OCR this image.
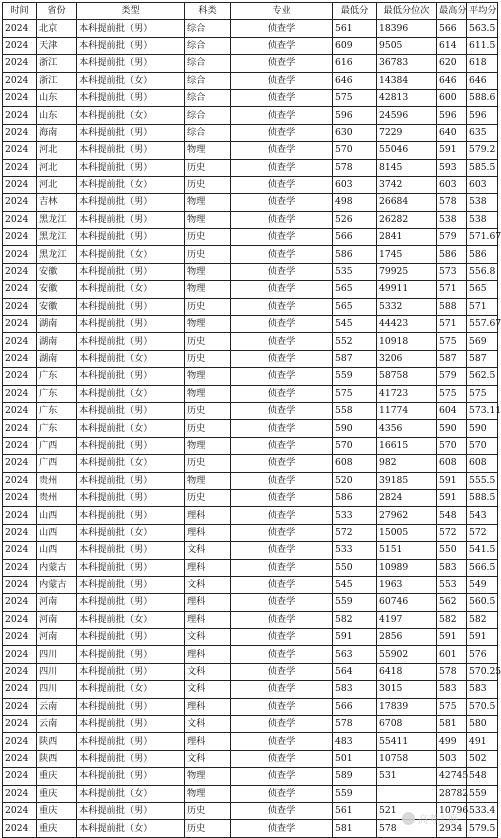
时间	省份	类型	科类	专业	最低分	最低分位次	最高分	平均分
2024	北京	本科提前批（男）	综合	侦查学	561	18396	566	563.5
2024	天津	本科提前批（男）	综合	侦查学	609	9505	614	611.5
2024	浙江	本科提前批（男）	综合	侦查学	616	36783	620	618
2024	浙江	本科提前批（女）	综合	侦查学	646	14384	646	646
2024	山东	本科提前批（男）	综合	侦查学	575	42813	600	588.6
2024	山东	本科提前批（女）	综合	侦查学	596	24596	596	596
2024	海南	本科提前批（男）	综合	侦查学	630	7229	640	635
2024	河北	本科提前批（男）	物理	侦查学	570	55046	591	579.2
2024	河北	本科提前批（男）	历史	侦查学	578	8145	593	585.5
2024	河北	本科提前批（女）	历史	侦查学	603	3742	603	603
2024	吉林	本科提前批（男）	物理	侦查学	498	26684	578	538
2024	黑龙江	本科提前批（男）	物理	侦查学	526	26282	538	538
2024	黑龙江	本科提前批（男）	历史	侦查学	566	2841	579	571.67
2024	黑龙江	本科提前批（女）	历史	侦查学	586	1745	586	586
2024	安徽	本科提前批（男）	物理	侦查学	535	79925	573	556.8
2024	安徽	本科提前批（女）	物理	侦查学	565	49911	571	565
2024	安徽	本科提前批（男）	历史	侦查学	565	5332	588	571
2024	湖南	本科提前批（男）	物理	侦查学	545	44423	571	557.67
2024	湖南	本科提前批（男）	历史	侦查学	552	10918	575	569
2024	湖南	本科提前批（女）	历史	侦查学	587	3206	587	587
2024	广东	本科提前批（男）	物理	侦查学	559	58758	579	562.5
2024	广东	本科提前批（女）	物理	侦查学	575	41723	575	575
2024	广东	本科提前批（男）	历史	侦查学	558	11774	604	573.11
2024	广东	本科提前批（女）	历史	侦查学	590	4356	590	590
2024	广西	本科提前批（男）	物理	侦查学	570	16615	570	570
2024	广西	本科提前批（女）	历史	侦查学	608	982	608	608
2024	贵州	本科提前批（男）	物理	侦查学	520	39185	591	555.5
2024	贵州	本科提前批（男）	历史	侦查学	586	2824	591	588.5
2024	山西	本科提前批（男）	理科	侦查学	533	27962	548	543
2024	山西	本科提前批（女）	理科	侦查学	572	15005	572	572
2024	山西	本科提前批（男）	文科	侦查学	533	5151	550	541.5
2024	内蒙古	本科提前批（男）	理科	侦查学	550	10989	583	566.5
2024	内蒙古	本科提前批（男）	文科	侦查学	545	1963	553	549
2024	河南	本科提前批（男）	理科	侦查学	559	60746	562	560.5
2024	河南	本科提前批（女）	理科	侦查学	582	4197	582	582
2024	河南	本科提前批（男）	文科	侦查学	591	2856	591	591
2024	四川	本科提前批（男）	理科	侦查学	563	55902	601	576
2024	四川	本科提前批（男）	文科	侦查学	564	6418	578	570.25
2024	四川	本科提前批（女）	文科	侦查学	583	3015	583	583
2024	云南	本科提前批（男）	理科	侦查学	566	17839	575	570.5
2024	云南	本科提前批（男）	文科	侦查学	578	6708	581	580
2024	陕西	本科提前批（男）	理科	侦查学	483	55411	499	491
2024	陕西	本科提前批（男）	文科	侦查学	501	10758	503	502
2024	重庆	本科提前批（男）	物理	侦查学	589	531	42745	548
2024	重庆	本科提前批（女）	物理	侦查学	559		28782	559
2024	重庆	本科提前批（男）	历史	侦查学	561	521	10796	533.4
2024	重庆	本科提前批（女）	历史	侦查学	581	578	2934	579.5
高考志愿
